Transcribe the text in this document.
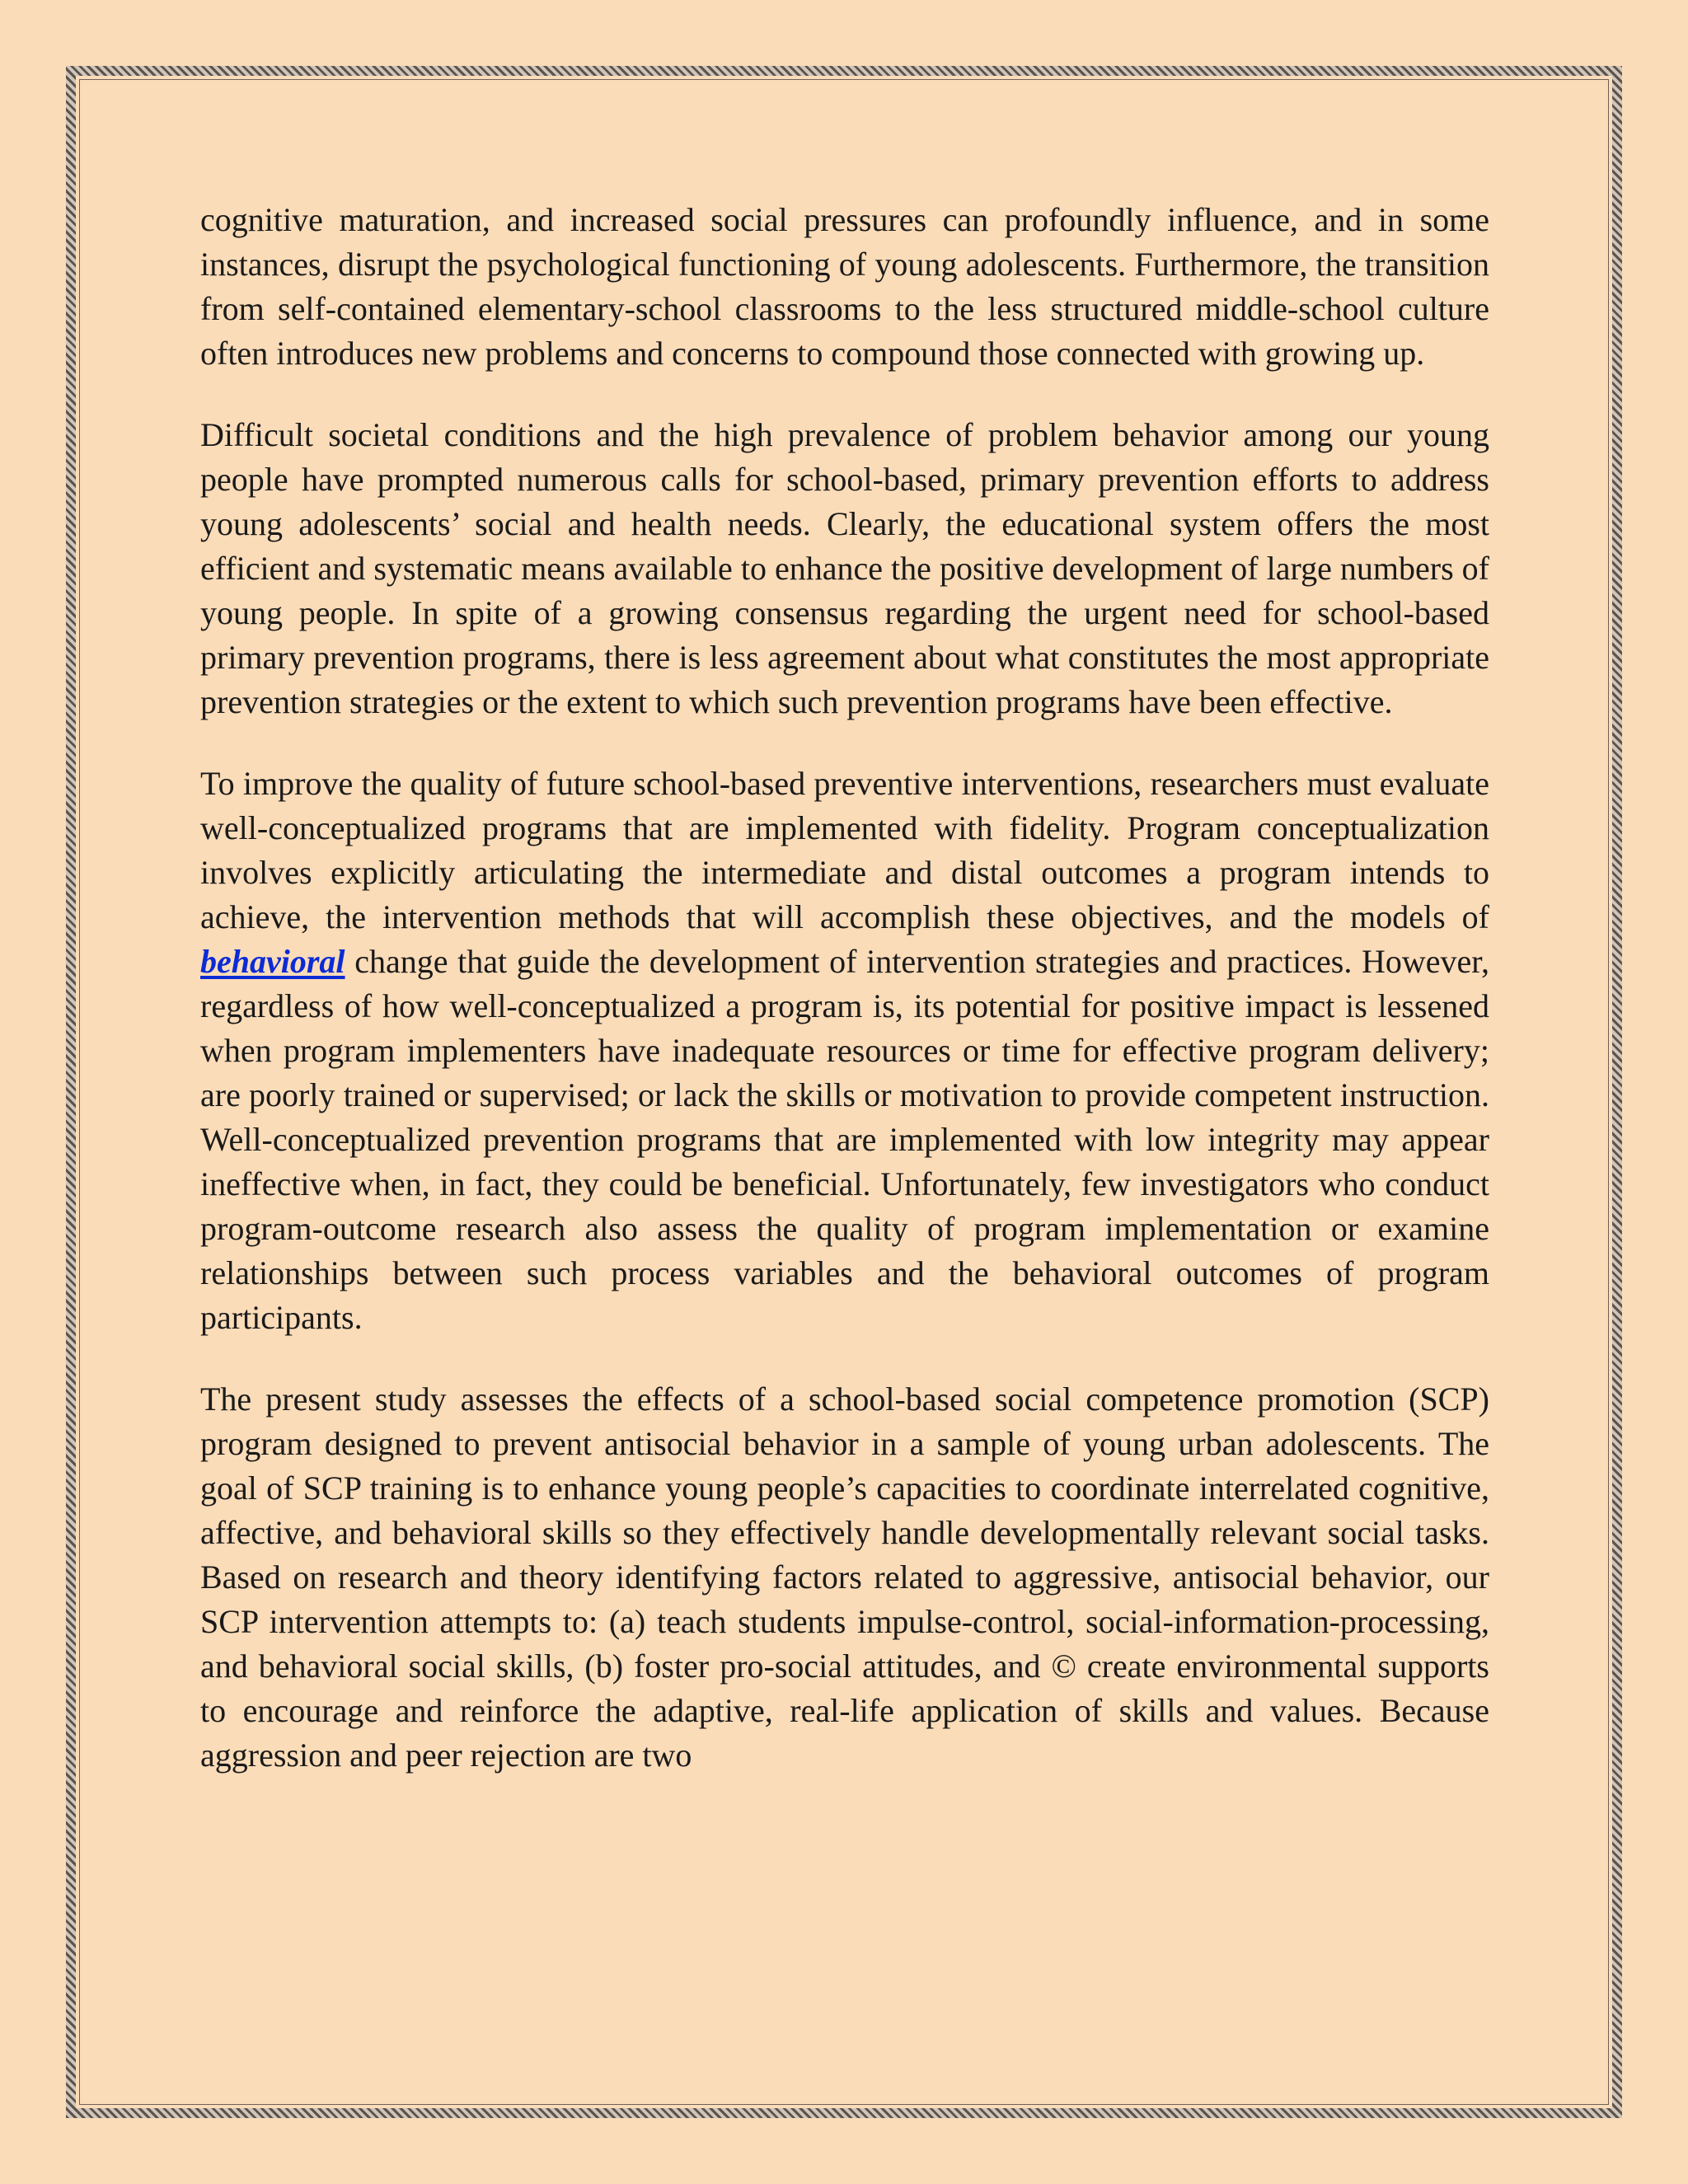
cognitive maturation, and increased social pressures can profoundly influence, and in some instances, disrupt the psychological functioning of young adolescents. Furthermore, the transition from self-contained elementary-school classrooms to the less structured middle-school culture often introduces new problems and concerns to compound those connected with growing up.

Difficult societal conditions and the high prevalence of problem behavior among our young people have prompted numerous calls for school-based, primary prevention efforts to address young adolescents’ social and health needs. Clearly, the educational system offers the most efficient and systematic means available to enhance the positive development of large numbers of young people. In spite of a growing consensus regarding the urgent need for school-based primary prevention programs, there is less agreement about what constitutes the most appropriate prevention strategies or the extent to which such prevention programs have been effective.

To improve the quality of future school-based preventive interventions, researchers must evaluate well-conceptualized programs that are implemented with fidelity. Program conceptualization involves explicitly articulating the intermediate and distal outcomes a program intends to achieve, the intervention methods that will accomplish these objectives, and the models of behavioral change that guide the development of intervention strategies and practices. However, regardless of how well-conceptualized a program is, its potential for positive impact is lessened when program implementers have inadequate resources or time for effective program delivery; are poorly trained or supervised; or lack the skills or motivation to provide competent instruction. Well-conceptualized prevention programs that are implemented with low integrity may appear ineffective when, in fact, they could be beneficial. Unfortunately, few investigators who conduct program-outcome research also assess the quality of program implementation or examine relationships between such process variables and the behavioral outcomes of program participants.

The present study assesses the effects of a school-based social competence promotion (SCP) program designed to prevent antisocial behavior in a sample of young urban adolescents. The goal of SCP training is to enhance young people’s capacities to coordinate interrelated cognitive, affective, and behavioral skills so they effectively handle developmentally relevant social tasks. Based on research and theory identifying factors related to aggressive, antisocial behavior, our SCP intervention attempts to: (a) teach students impulse-control, social-information-processing, and behavioral social skills, (b) foster pro-social attitudes, and © create environmental supports to encourage and reinforce the adaptive, real-life application of skills and values. Because aggression and peer rejection are two
